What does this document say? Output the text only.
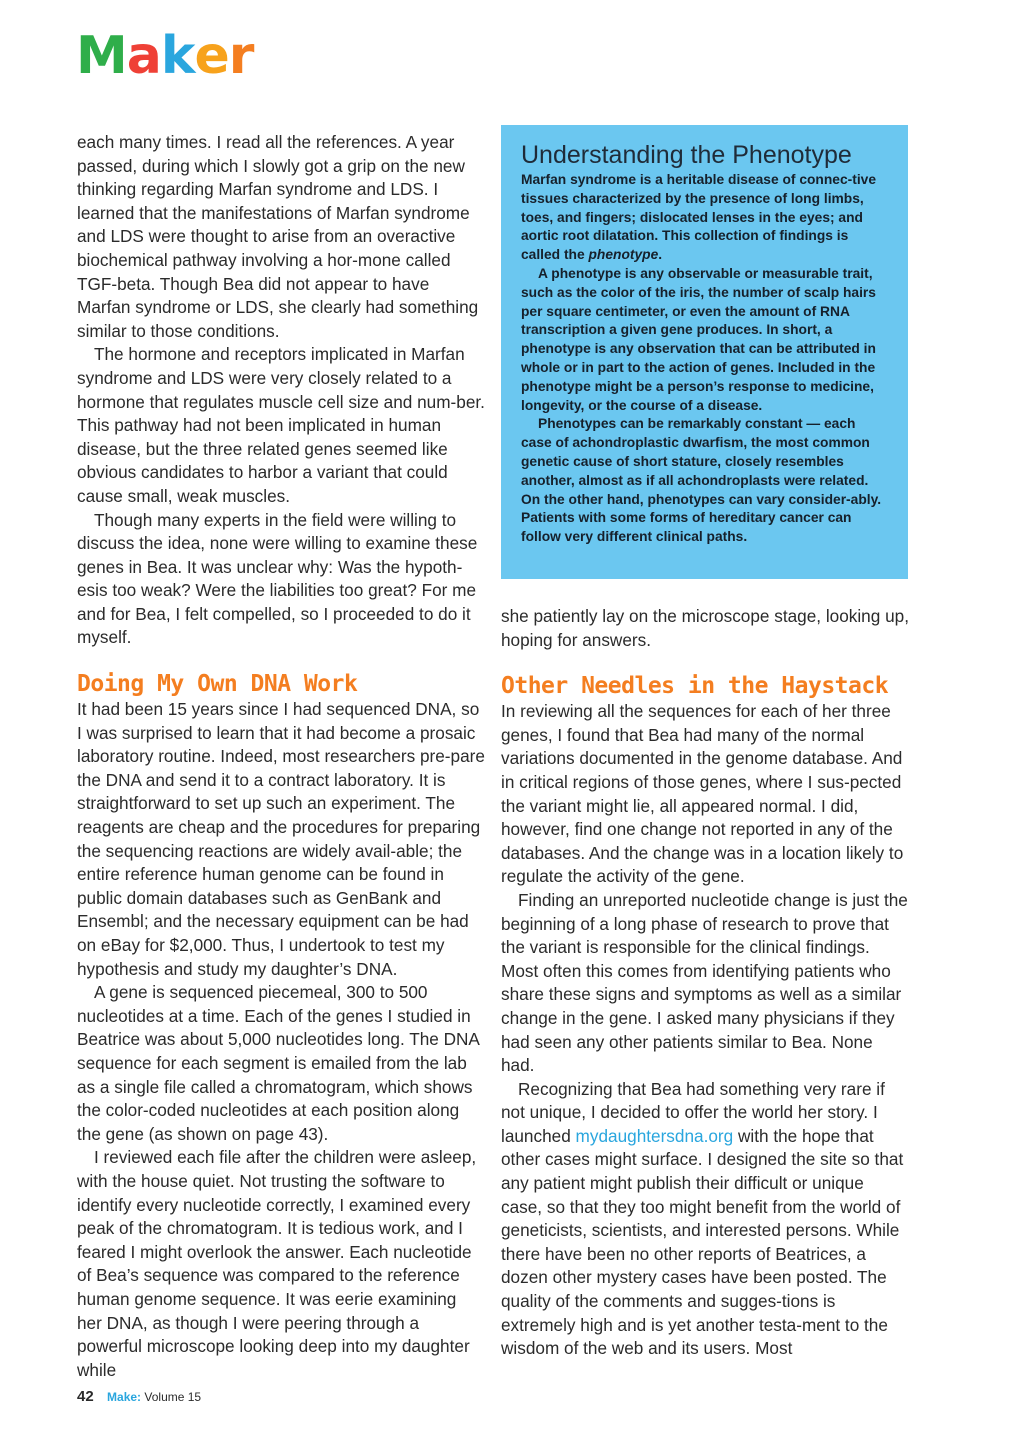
Maker

each many times. I read all the references. A year passed, during which I slowly got a grip on the new thinking regarding Marfan syndrome and LDS. I learned that the manifestations of Marfan syndrome and LDS were thought to arise from an overactive biochemical pathway involving a hor-mone called TGF-beta. Though Bea did not appear to have Marfan syndrome or LDS, she clearly had something similar to those conditions.

The hormone and receptors implicated in Marfan syndrome and LDS were very closely related to a hormone that regulates muscle cell size and num-ber. This pathway had not been implicated in human disease, but the three related genes seemed like obvious candidates to harbor a variant that could cause small, weak muscles.

Though many experts in the field were willing to discuss the idea, none were willing to examine these genes in Bea. It was unclear why: Was the hypoth-esis too weak? Were the liabilities too great? For me and for Bea, I felt compelled, so I proceeded to do it myself.

Doing My Own DNA Work

It had been 15 years since I had sequenced DNA, so I was surprised to learn that it had become a prosaic laboratory routine. Indeed, most researchers pre-pare the DNA and send it to a contract laboratory. It is straightforward to set up such an experiment. The reagents are cheap and the procedures for preparing the sequencing reactions are widely avail-able; the entire reference human genome can be found in public domain databases such as GenBank and Ensembl; and the necessary equipment can be had on eBay for $2,000. Thus, I undertook to test my hypothesis and study my daughter’s DNA.

A gene is sequenced piecemeal, 300 to 500 nucleotides at a time. Each of the genes I studied in Beatrice was about 5,000 nucleotides long. The DNA sequence for each segment is emailed from the lab as a single file called a chromatogram, which shows the color-coded nucleotides at each position along the gene (as shown on page 43).

I reviewed each file after the children were asleep, with the house quiet. Not trusting the software to identify every nucleotide correctly, I examined every peak of the chromatogram. It is tedious work, and I feared I might overlook the answer. Each nucleotide of Bea’s sequence was compared to the reference human genome sequence. It was eerie examining her DNA, as though I were peering through a powerful microscope looking deep into my daughter while

Understanding the Phenotype

Marfan syndrome is a heritable disease of connec-tive tissues characterized by the presence of long limbs, toes, and fingers; dislocated lenses in the eyes; and aortic root dilatation. This collection of findings is called the phenotype.

A phenotype is any observable or measurable trait, such as the color of the iris, the number of scalp hairs per square centimeter, or even the amount of RNA transcription a given gene produces. In short, a phenotype is any observation that can be attributed in whole or in part to the action of genes. Included in the phenotype might be a person’s response to medicine, longevity, or the course of a disease.

Phenotypes can be remarkably constant — each case of achondroplastic dwarfism, the most common genetic cause of short stature, closely resembles another, almost as if all achondroplasts were related. On the other hand, phenotypes can vary consider-ably. Patients with some forms of hereditary cancer can follow very different clinical paths.

she patiently lay on the microscope stage, looking up, hoping for answers.

Other Needles in the Haystack

In reviewing all the sequences for each of her three genes, I found that Bea had many of the normal variations documented in the genome database. And in critical regions of those genes, where I sus-pected the variant might lie, all appeared normal. I did, however, find one change not reported in any of the databases. And the change was in a location likely to regulate the activity of the gene.

Finding an unreported nucleotide change is just the beginning of a long phase of research to prove that the variant is responsible for the clinical findings. Most often this comes from identifying patients who share these signs and symptoms as well as a similar change in the gene. I asked many physicians if they had seen any other patients similar to Bea. None had.

Recognizing that Bea had something very rare if not unique, I decided to offer the world her story. I launched mydaughtersdna.org with the hope that other cases might surface. I designed the site so that any patient might publish their difficult or unique case, so that they too might benefit from the world of geneticists, scientists, and interested persons. While there have been no other reports of Beatrices, a dozen other mystery cases have been posted. The quality of the comments and sugges-tions is extremely high and is yet another testa-ment to the wisdom of the web and its users. Most

42 Make: Volume 15
